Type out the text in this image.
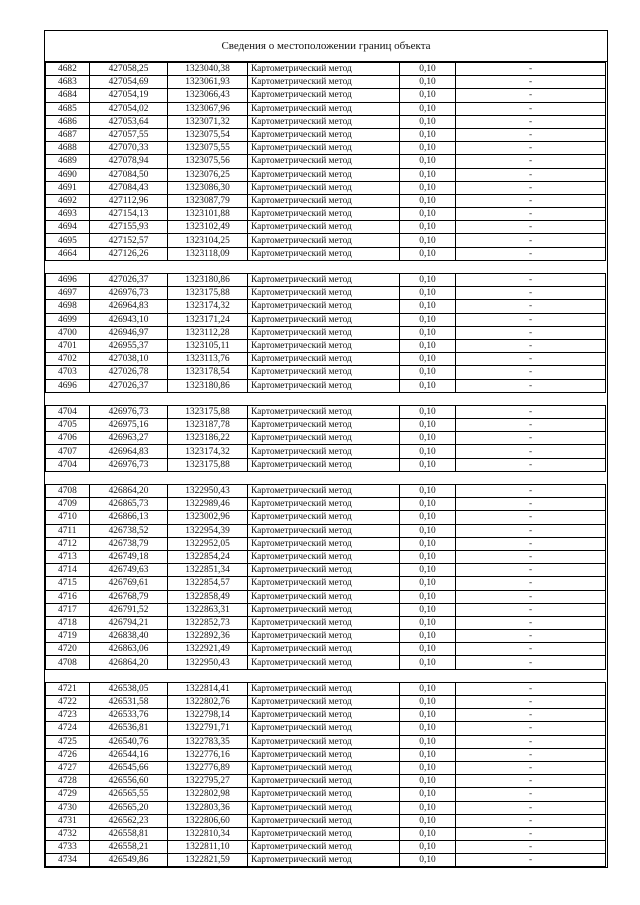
Сведения о местоположении границ объекта
4682	427058,25	1323040,38	Картометрический метод	0,10	-
4683	427054,69	1323061,93	Картометрический метод	0,10	-
4684	427054,19	1323066,43	Картометрический метод	0,10	-
4685	427054,02	1323067,96	Картометрический метод	0,10	-
4686	427053,64	1323071,32	Картометрический метод	0,10	-
4687	427057,55	1323075,54	Картометрический метод	0,10	-
4688	427070,33	1323075,55	Картометрический метод	0,10	-
4689	427078,94	1323075,56	Картометрический метод	0,10	-
4690	427084,50	1323076,25	Картометрический метод	0,10	-
4691	427084,43	1323086,30	Картометрический метод	0,10	-
4692	427112,96	1323087,79	Картометрический метод	0,10	-
4693	427154,13	1323101,88	Картометрический метод	0,10	-
4694	427155,93	1323102,49	Картометрический метод	0,10	-
4695	427152,57	1323104,25	Картометрический метод	0,10	-
4664	427126,26	1323118,09	Картометрический метод	0,10	-

4696	427026,37	1323180,86	Картометрический метод	0,10	-
4697	426976,73	1323175,88	Картометрический метод	0,10	-
4698	426964,83	1323174,32	Картометрический метод	0,10	-
4699	426943,10	1323171,24	Картометрический метод	0,10	-
4700	426946,97	1323112,28	Картометрический метод	0,10	-
4701	426955,37	1323105,11	Картометрический метод	0,10	-
4702	427038,10	1323113,76	Картометрический метод	0,10	-
4703	427026,78	1323178,54	Картометрический метод	0,10	-
4696	427026,37	1323180,86	Картометрический метод	0,10	-

4704	426976,73	1323175,88	Картометрический метод	0,10	-
4705	426975,16	1323187,78	Картометрический метод	0,10	-
4706	426963,27	1323186,22	Картометрический метод	0,10	-
4707	426964,83	1323174,32	Картометрический метод	0,10	-
4704	426976,73	1323175,88	Картометрический метод	0,10	-

4708	426864,20	1322950,43	Картометрический метод	0,10	-
4709	426865,73	1322989,46	Картометрический метод	0,10	-
4710	426866,13	1323002,96	Картометрический метод	0,10	-
4711	426738,52	1322954,39	Картометрический метод	0,10	-
4712	426738,79	1322952,05	Картометрический метод	0,10	-
4713	426749,18	1322854,24	Картометрический метод	0,10	-
4714	426749,63	1322851,34	Картометрический метод	0,10	-
4715	426769,61	1322854,57	Картометрический метод	0,10	-
4716	426768,79	1322858,49	Картометрический метод	0,10	-
4717	426791,52	1322863,31	Картометрический метод	0,10	-
4718	426794,21	1322852,73	Картометрический метод	0,10	-
4719	426838,40	1322892,36	Картометрический метод	0,10	-
4720	426863,06	1322921,49	Картометрический метод	0,10	-
4708	426864,20	1322950,43	Картометрический метод	0,10	-

4721	426538,05	1322814,41	Картометрический метод	0,10	-
4722	426531,58	1322802,76	Картометрический метод	0,10	-
4723	426533,76	1322798,14	Картометрический метод	0,10	-
4724	426536,81	1322791,71	Картометрический метод	0,10	-
4725	426540,76	1322783,35	Картометрический метод	0,10	-
4726	426544,16	1322776,16	Картометрический метод	0,10	-
4727	426545,66	1322776,89	Картометрический метод	0,10	-
4728	426556,60	1322795,27	Картометрический метод	0,10	-
4729	426565,55	1322802,98	Картометрический метод	0,10	-
4730	426565,20	1322803,36	Картометрический метод	0,10	-
4731	426562,23	1322806,60	Картометрический метод	0,10	-
4732	426558,81	1322810,34	Картометрический метод	0,10	-
4733	426558,21	1322811,10	Картометрический метод	0,10	-
4734	426549,86	1322821,59	Картометрический метод	0,10	-
